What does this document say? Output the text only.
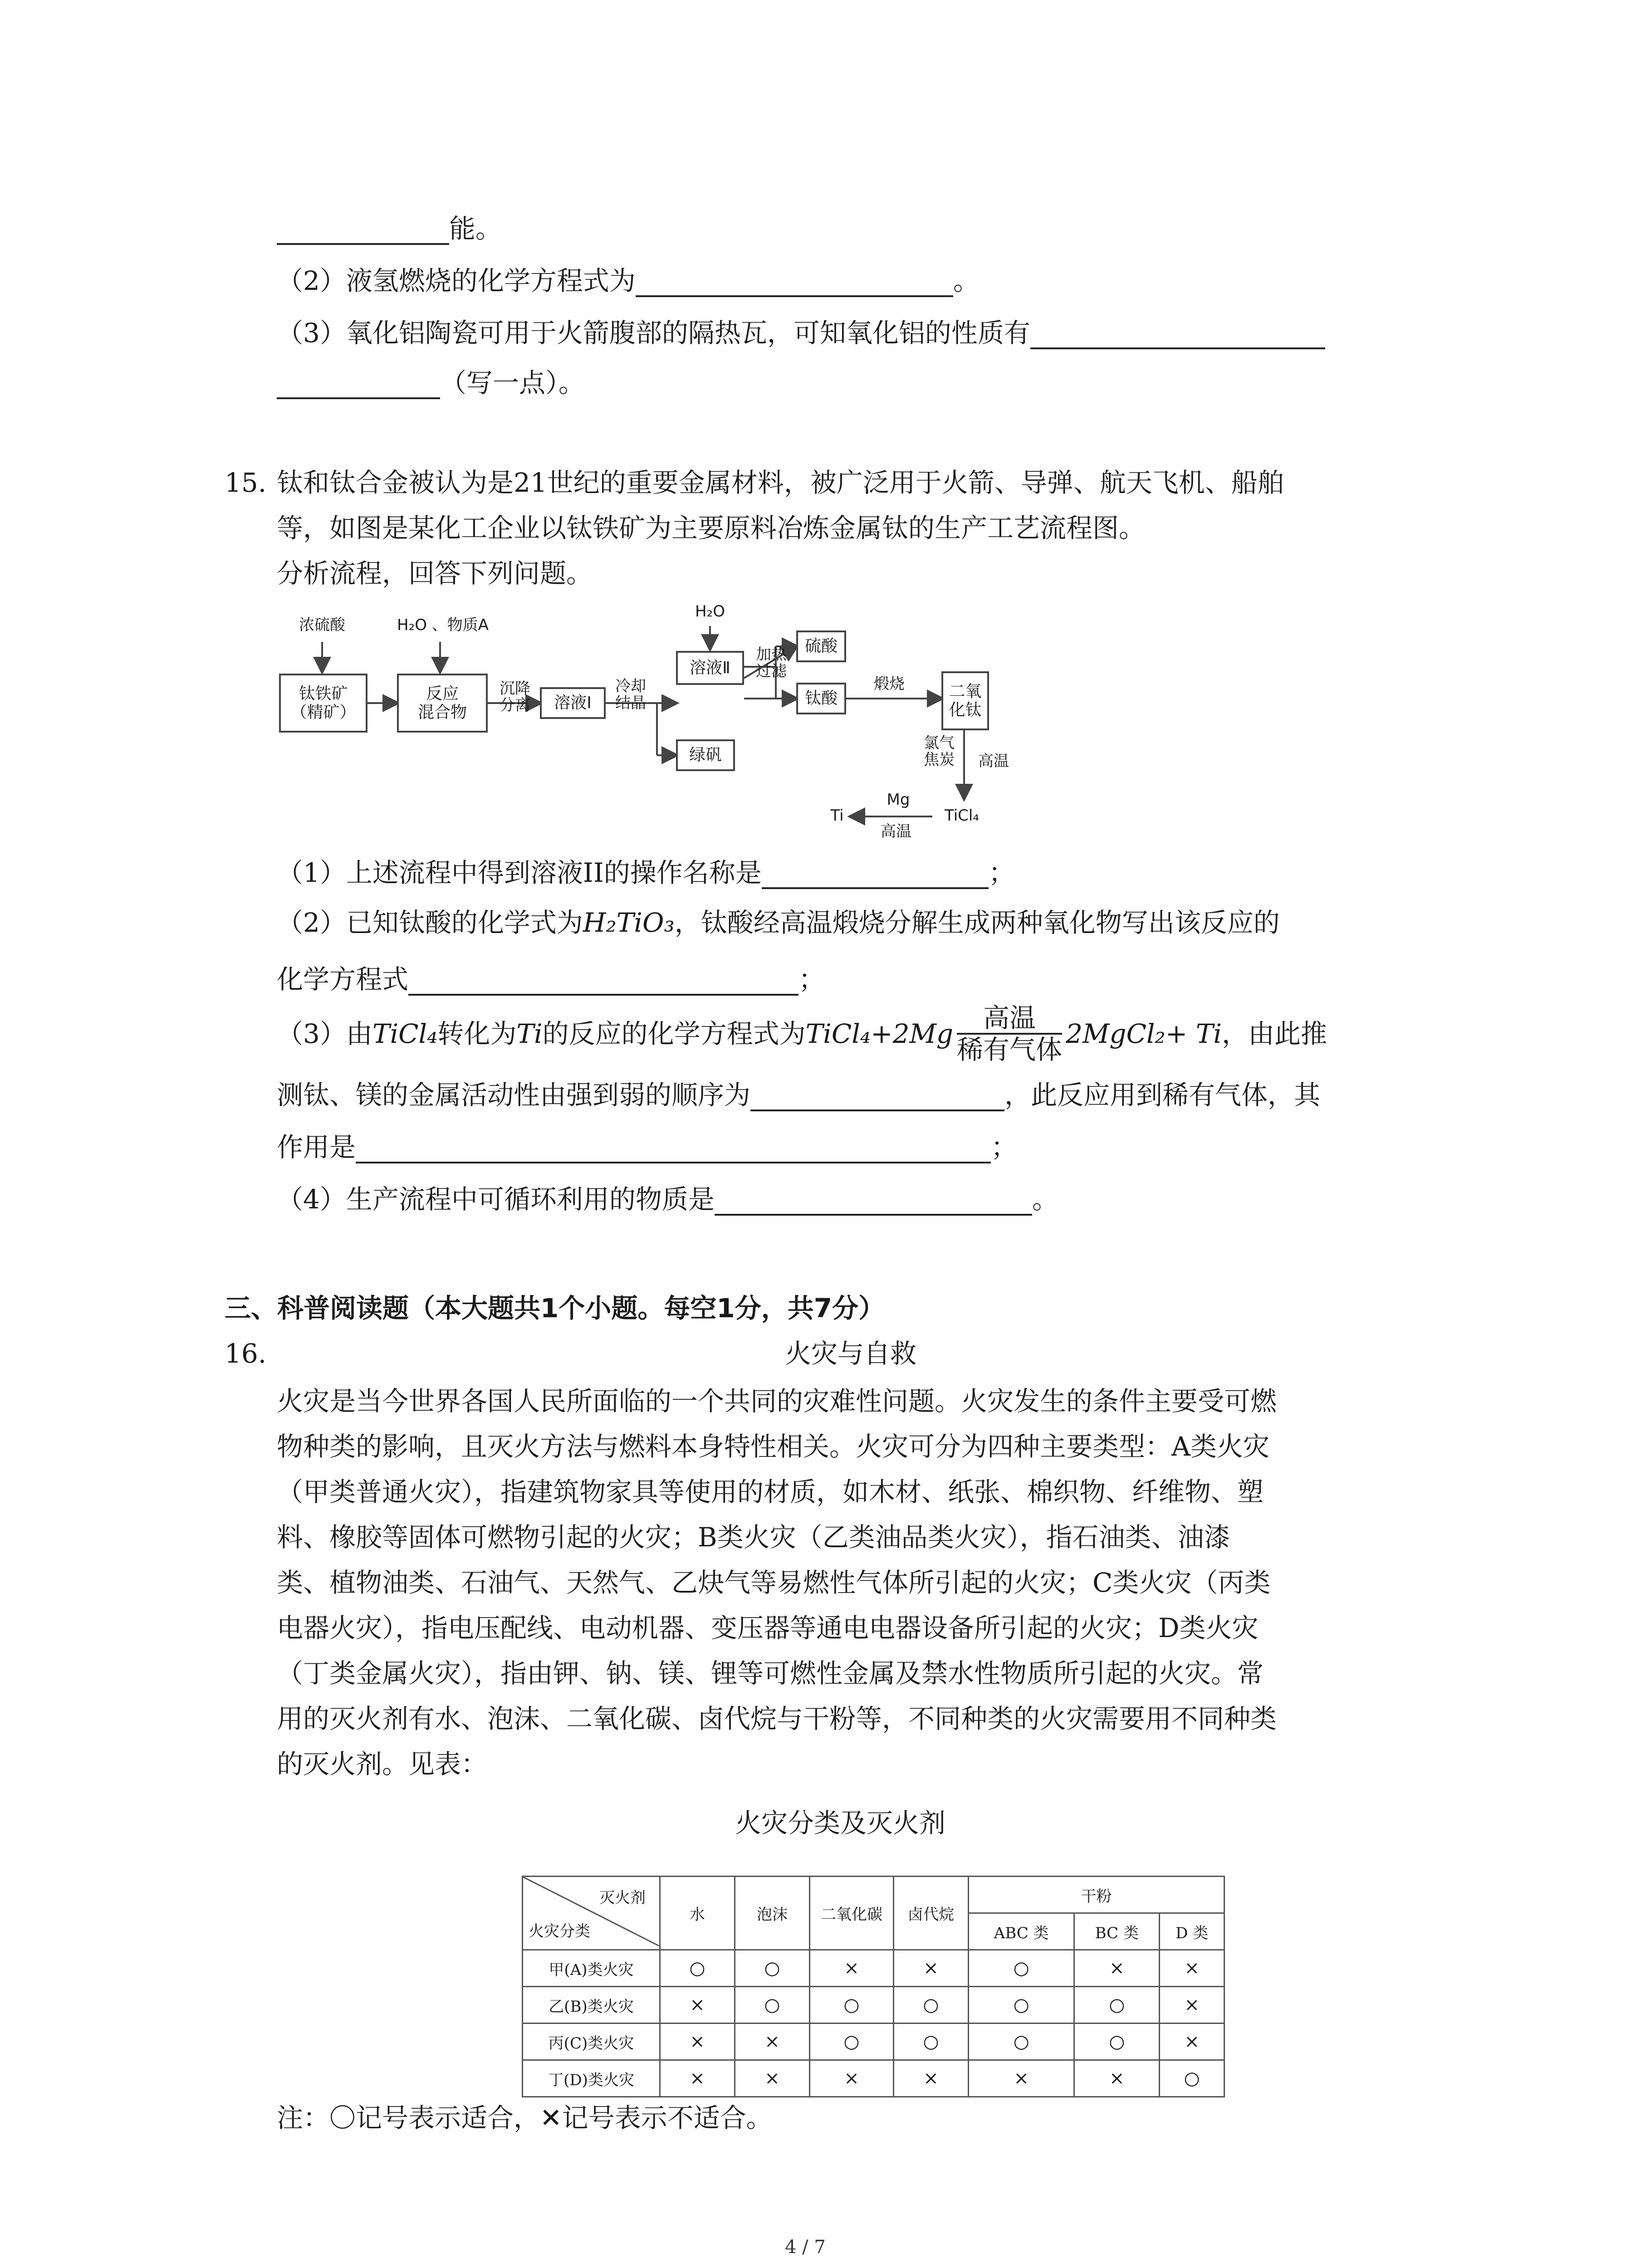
能。
（2）液氢燃烧的化学方程式为	。
（3）氧化铝陶瓷可用于火箭腹部的隔热瓦，可知氧化铝的性质有
（写一点）。
15. 钛和钛合金被认为是21世纪的重要金属材料，被广泛用于火箭、导弹、航天飞机、船舶
等，如图是某化工企业以钛铁矿为主要原料冶炼金属钛的生产工艺流程图。
分析流程，回答下列问题。
浓硫酸	H₂O 、物质A
钛铁矿
（精矿）
反应
混合物
沉降
分离	溶液Ⅰ
冷却
结晶
H₂O
溶液Ⅱ
加热
过滤
硫酸
钛酸
煅烧	二氧
化钛
绿矾
氯气
焦炭	高温
TiCl₄
Mg
高温
Ti
（1）上述流程中得到溶液II的操作名称是	；
（2）已知钛酸的化学式为H₂TiO₃，钛酸经高温煅烧分解生成两种氧化物写出该反应的
化学方程式	；
（3）由TiCl₄转化为Ti的反应的化学方程式为TiCl₄+2Mg $\frac{\text{高温}}{\text{稀有气体}}$ 2MgCl₂+ Ti，由此推
测钛、镁的金属活动性由强到弱的顺序为	，此反应用到稀有气体，其
作用是	；
（4）生产流程中可循环利用的物质是	。
三、科普阅读题（本大题共1个小题。每空1分，共7分）
16.	火灾与自救
火灾是当今世界各国人民所面临的一个共同的灾难性问题。火灾发生的条件主要受可燃
物种类的影响，且灭火方法与燃料本身特性相关。火灾可分为四种主要类型：A类火灾
（甲类普通火灾），指建筑物家具等使用的材质，如木材、纸张、棉织物、纤维物、塑
料、橡胶等固体可燃物引起的火灾；B类火灾（乙类油品类火灾），指石油类、油漆
类、植物油类、石油气、天然气、乙炔气等易燃性气体所引起的火灾；C类火灾（丙类
电器火灾），指电压配线、电动机器、变压器等通电电器设备所引起的火灾；D类火灾
（丁类金属火灾），指由钾、钠、镁、锂等可燃性金属及禁水性物质所引起的火灾。常
用的灭火剂有水、泡沫、二氧化碳、卤代烷与干粉等，不同种类的火灾需要用不同种类
的灭火剂。见表：
火灾分类及灭火剂
灭火剂
火灾分类	水	泡沫	二氧化碳	卤代烷	干粉		
					ABC 类	BC 类	D 类
甲(A)类火灾	○	○	×	×	○	×	×
乙(B)类火灾	×	○	○	○	○	○	×
丙(C)类火灾	×	×	○	○	○	○	×
丁(D)类火灾	×	×	×	×	×	×	○
注：〇记号表示适合，✕记号表示不适合。
4 / 7
